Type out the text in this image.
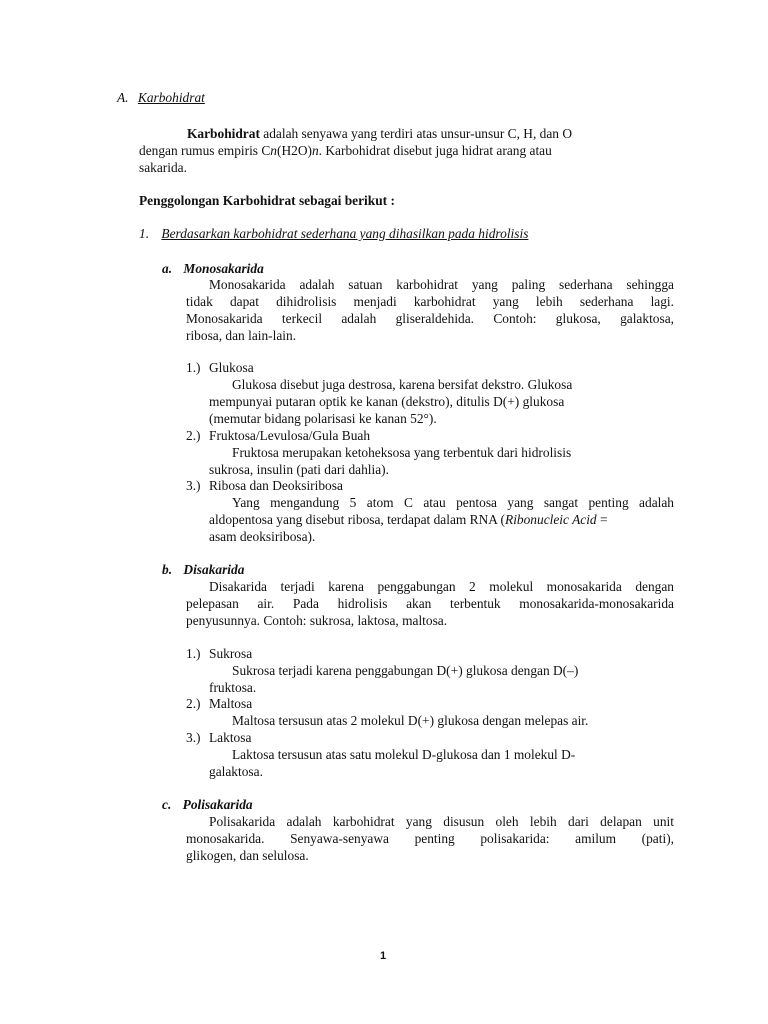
A. Karbohidrat
Karbohidrat adalah senyawa yang terdiri atas unsur-unsur C, H, dan O
dengan rumus empiris Cn(H2O)n. Karbohidrat disebut juga hidrat arang atau
sakarida.
Penggolongan Karbohidrat sebagai berikut :
1. Berdasarkan karbohidrat sederhana yang dihasilkan pada hidrolisis
a. Monosakarida
Monosakarida adalah satuan karbohidrat yang paling sederhana sehingga
tidak dapat dihidrolisis menjadi karbohidrat yang lebih sederhana lagi.
Monosakarida terkecil adalah gliseraldehida. Contoh: glukosa, galaktosa,
ribosa, dan lain-lain.
1.) Glukosa
Glukosa disebut juga destrosa, karena bersifat dekstro. Glukosa
mempunyai putaran optik ke kanan (dekstro), ditulis D(+) glukosa
(memutar bidang polarisasi ke kanan 52°).
2.) Fruktosa/Levulosa/Gula Buah
Fruktosa merupakan ketoheksosa yang terbentuk dari hidrolisis
sukrosa, insulin (pati dari dahlia).
3.) Ribosa dan Deoksiribosa
Yang mengandung 5 atom C atau pentosa yang sangat penting adalah
aldopentosa yang disebut ribosa, terdapat dalam RNA (Ribonucleic Acid =
asam deoksiribosa).
b. Disakarida
Disakarida terjadi karena penggabungan 2 molekul monosakarida dengan
pelepasan air. Pada hidrolisis akan terbentuk monosakarida-monosakarida
penyusunnya. Contoh: sukrosa, laktosa, maltosa.
1.) Sukrosa
Sukrosa terjadi karena penggabungan D(+) glukosa dengan D(–)
fruktosa.
2.) Maltosa
Maltosa tersusun atas 2 molekul D(+) glukosa dengan melepas air.
3.) Laktosa
Laktosa tersusun atas satu molekul D-glukosa dan 1 molekul D-
galaktosa.
c. Polisakarida
Polisakarida adalah karbohidrat yang disusun oleh lebih dari delapan unit
monosakarida. Senyawa-senyawa penting polisakarida: amilum (pati),
glikogen, dan selulosa.
1
